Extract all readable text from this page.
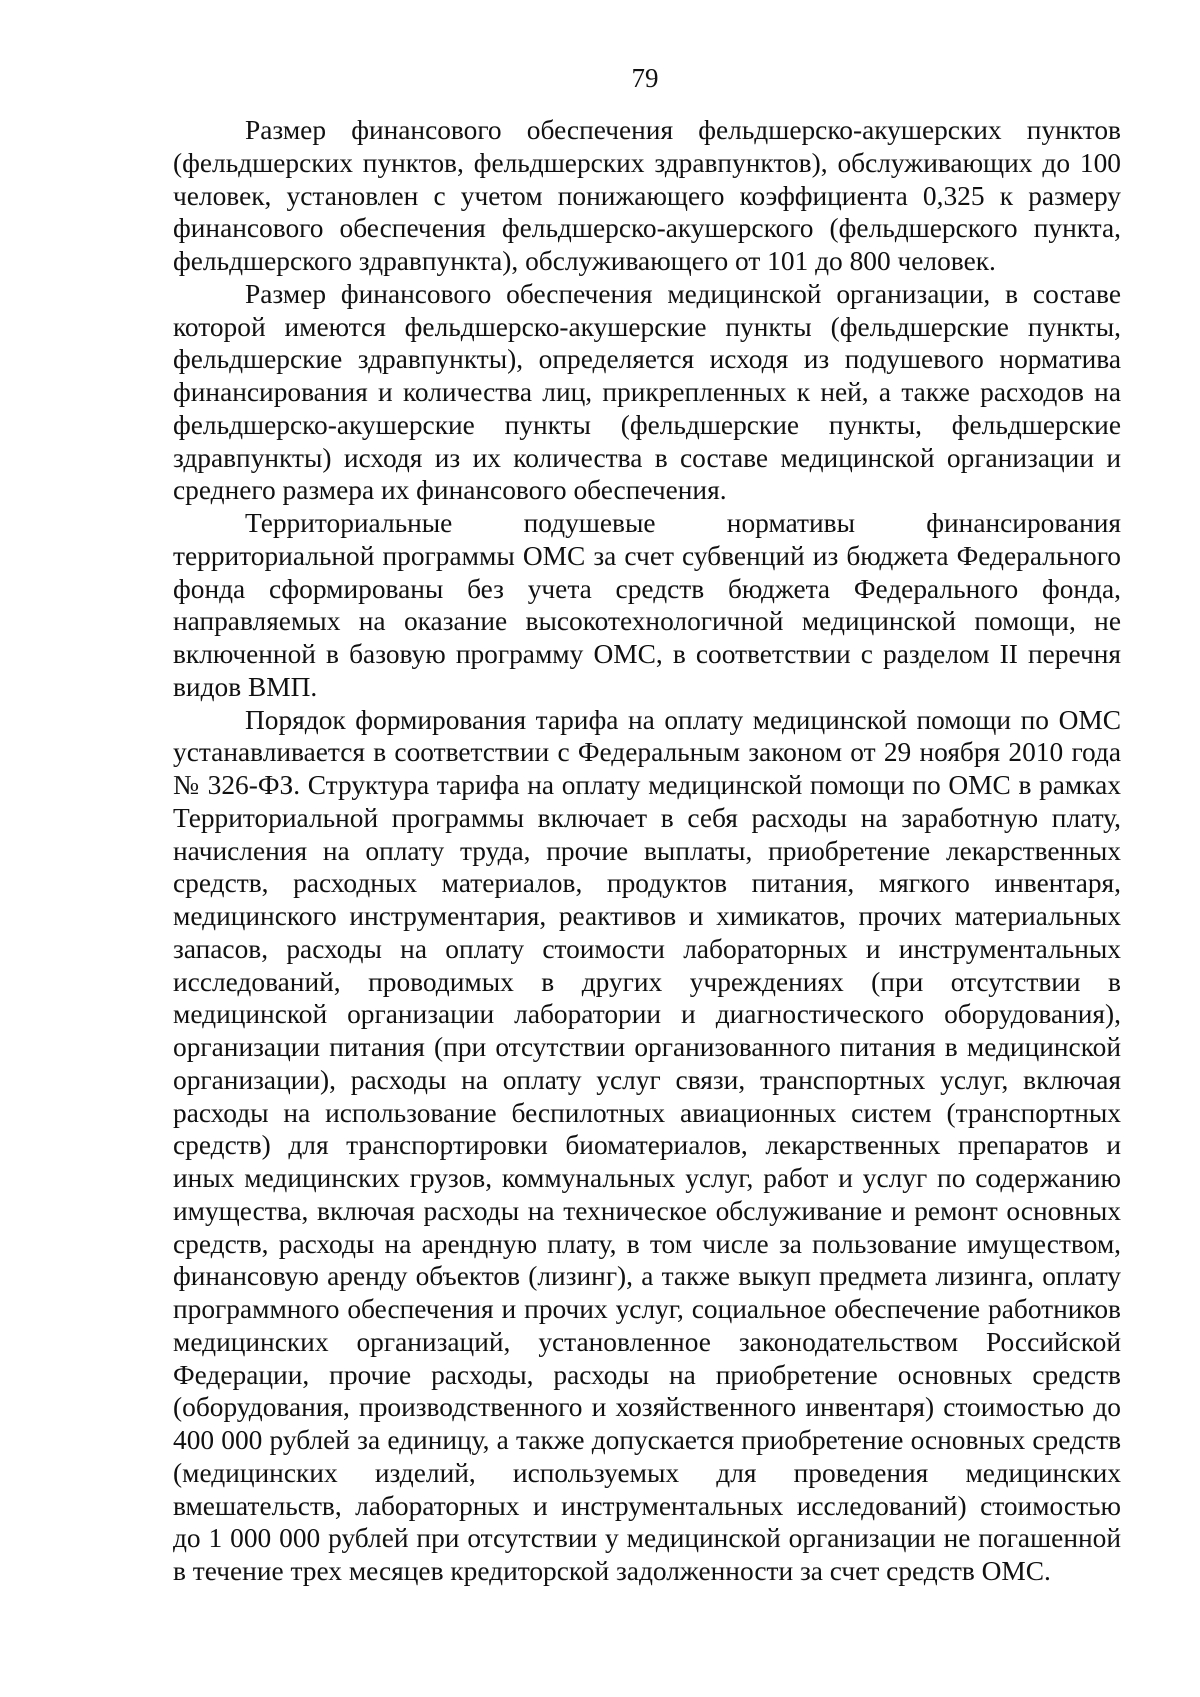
79

Размер финансового обеспечения фельдшерско-акушерских пунктов (фельдшерских пунктов, фельдшерских здравпунктов), обслуживающих до 100 человек, установлен с учетом понижающего коэффициента 0,325 к размеру финансового обеспечения фельдшерско-акушерского (фельдшерского пункта, фельдшерского здравпункта), обслуживающего от 101 до 800 человек.

Размер финансового обеспечения медицинской организации, в составе которой имеются фельдшерско-акушерские пункты (фельдшерские пункты, фельдшерские здравпункты), определяется исходя из подушевого норматива финансирования и количества лиц, прикрепленных к ней, а также расходов на фельдшерско-акушерские пункты (фельдшерские пункты, фельдшерские здравпункты) исходя из их количества в составе медицинской организации и среднего размера их финансового обеспечения.

Территориальные подушевые нормативы финансирования территориальной программы ОМС за счет субвенций из бюджета Федерального фонда сформированы без учета средств бюджета Федерального фонда, направляемых на оказание высокотехнологичной медицинской помощи, не включенной в базовую программу ОМС, в соответствии с разделом II перечня видов ВМП.

Порядок формирования тарифа на оплату медицинской помощи по ОМС устанавливается в соответствии с Федеральным законом от 29 ноября 2010 года № 326-ФЗ. Структура тарифа на оплату медицинской помощи по ОМС в рамках Территориальной программы включает в себя расходы на заработную плату, начисления на оплату труда, прочие выплаты, приобретение лекарственных средств, расходных материалов, продуктов питания, мягкого инвентаря, медицинского инструментария, реактивов и химикатов, прочих материальных запасов, расходы на оплату стоимости лабораторных и инструментальных исследований, проводимых в других учреждениях (при отсутствии в медицинской организации лаборатории и диагностического оборудования), организации питания (при отсутствии организованного питания в медицинской организации), расходы на оплату услуг связи, транспортных услуг, включая расходы на использование беспилотных авиационных систем (транспортных средств) для транспортировки биоматериалов, лекарственных препаратов и иных медицинских грузов, коммунальных услуг, работ и услуг по содержанию имущества, включая расходы на техническое обслуживание и ремонт основных средств, расходы на арендную плату, в том числе за пользование имуществом, финансовую аренду объектов (лизинг), а также выкуп предмета лизинга, оплату программного обеспечения и прочих услуг, социальное обеспечение работников медицинских организаций, установленное законодательством Российской Федерации, прочие расходы, расходы на приобретение основных средств (оборудования, производственного и хозяйственного инвентаря) стоимостью до 400 000 рублей за единицу, а также допускается приобретение основных средств (медицинских изделий, используемых для проведения медицинских вмешательств, лабораторных и инструментальных исследований) стоимостью до 1 000 000 рублей при отсутствии у медицинской организации не погашенной в течение трех месяцев кредиторской задолженности за счет средств ОМС.
